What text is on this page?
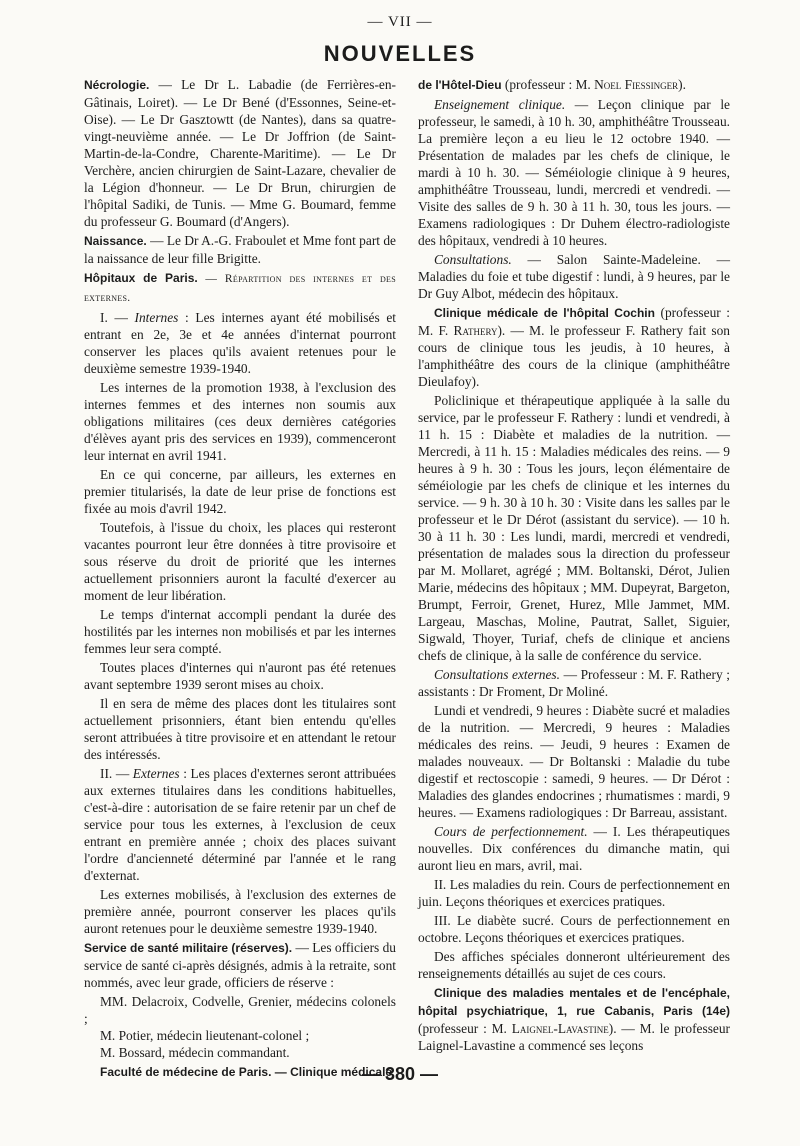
— VII —
NOUVELLES

Nécrologie. — Le Dr L. Labadie (de Ferrières-en-Gâtinais, Loiret). — Le Dr Bené (d'Essonnes, Seine-et-Oise). — Le Dr Gasztowtt (de Nantes), dans sa quatre-vingt-neuvième année. — Le Dr Joffrion (de Saint-Martin-de-la-Condre, Charente-Maritime). — Le Dr Verchère, ancien chirurgien de Saint-Lazare, chevalier de la Légion d'honneur. — Le Dr Brun, chirurgien de l'hôpital Sadiki, de Tunis. — Mme G. Boumard, femme du professeur G. Boumard (d'Angers).

Naissance. — Le Dr A.-G. Fraboulet et Mme font part de la naissance de leur fille Brigitte.

Hôpitaux de Paris. — Répartition des internes et des externes.

I. — Internes : Les internes ayant été mobilisés et entrant en 2e, 3e et 4e années d'internat pourront conserver les places qu'ils avaient retenues pour le deuxième semestre 1939-1940.

Les internes de la promotion 1938, à l'exclusion des internes femmes et des internes non soumis aux obligations militaires (ces deux dernières catégories d'élèves ayant pris des services en 1939), commenceront leur internat en avril 1941.

En ce qui concerne, par ailleurs, les externes en premier titularisés, la date de leur prise de fonctions est fixée au mois d'avril 1942.

Toutefois, à l'issue du choix, les places qui resteront vacantes pourront leur être données à titre provisoire et sous réserve du droit de priorité que les internes actuellement prisonniers auront la faculté d'exercer au moment de leur libération.

Le temps d'internat accompli pendant la durée des hostilités par les internes non mobilisés et par les internes femmes leur sera compté.

Toutes places d'internes qui n'auront pas été retenues avant septembre 1939 seront mises au choix.

Il en sera de même des places dont les titulaires sont actuellement prisonniers, étant bien entendu qu'elles seront attribuées à titre provisoire et en attendant le retour des intéressés.

II. — Externes : Les places d'externes seront attribuées aux externes titulaires dans les conditions habituelles, c'est-à-dire : autorisation de se faire retenir par un chef de service pour tous les externes, à l'exclusion de ceux entrant en première année ; choix des places suivant l'ordre d'ancienneté déterminé par l'année et le rang d'externat.

Les externes mobilisés, à l'exclusion des externes de première année, pourront conserver les places qu'ils auront retenues pour le deuxième semestre 1939-1940.

Service de santé militaire (réserves). — Les officiers du service de santé ci-après désignés, admis à la retraite, sont nommés, avec leur grade, officiers de réserve :

MM. Delacroix, Codvelle, Grenier, médecins colonels ;
M. Potier, médecin lieutenant-colonel ;
M. Bossard, médecin commandant.

Faculté de médecine de Paris. — Clinique médicale

de l'Hôtel-Dieu (professeur : M. Noel Fiessinger).

Enseignement clinique. — Leçon clinique par le professeur, le samedi, à 10 h. 30, amphithéâtre Trousseau. La première leçon a eu lieu le 12 octobre 1940. — Présentation de malades par les chefs de clinique, le mardi à 10 h. 30. — Séméiologie clinique à 9 heures, amphithéâtre Trousseau, lundi, mercredi et vendredi. — Visite des salles de 9 h. 30 à 11 h. 30, tous les jours. — Examens radiologiques : Dr Duhem électro-radiologiste des hôpitaux, vendredi à 10 heures.

Consultations. — Salon Sainte-Madeleine. — Maladies du foie et tube digestif : lundi, à 9 heures, par le Dr Guy Albot, médecin des hôpitaux.

Clinique médicale de l'hôpital Cochin (professeur : M. F. Rathery). — M. le professeur F. Rathery fait son cours de clinique tous les jeudis, à 10 heures, à l'amphithéâtre des cours de la clinique (amphithéâtre Dieulafoy).

Policlinique et thérapeutique appliquée à la salle du service, par le professeur F. Rathery : lundi et vendredi, à 11 h. 15 : Diabète et maladies de la nutrition. — Mercredi, à 11 h. 15 : Maladies médicales des reins. — 9 heures à 9 h. 30 : Tous les jours, leçon élémentaire de séméiologie par les chefs de clinique et les internes du service. — 9 h. 30 à 10 h. 30 : Visite dans les salles par le professeur et le Dr Dérot (assistant du service). — 10 h. 30 à 11 h. 30 : Les lundi, mardi, mercredi et vendredi, présentation de malades sous la direction du professeur par M. Mollaret, agrégé ; MM. Boltanski, Dérot, Julien Marie, médecins des hôpitaux ; MM. Dupeyrat, Bargeton, Brumpt, Ferroir, Grenet, Hurez, Mlle Jammet, MM. Largeau, Maschas, Moline, Pautrat, Sallet, Siguier, Sigwald, Thoyer, Turiaf, chefs de clinique et anciens chefs de clinique, à la salle de conférence du service.

Consultations externes. — Professeur : M. F. Rathery ; assistants : Dr Froment, Dr Moliné.

Lundi et vendredi, 9 heures : Diabète sucré et maladies de la nutrition. — Mercredi, 9 heures : Maladies médicales des reins. — Jeudi, 9 heures : Examen de malades nouveaux. — Dr Boltanski : Maladie du tube digestif et rectoscopie : samedi, 9 heures. — Dr Dérot : Maladies des glandes endocrines ; rhumatismes : mardi, 9 heures. — Examens radiologiques : Dr Barreau, assistant.

Cours de perfectionnement. — I. Les thérapeutiques nouvelles. Dix conférences du dimanche matin, qui auront lieu en mars, avril, mai.

II. Les maladies du rein. Cours de perfectionnement en juin. Leçons théoriques et exercices pratiques.

III. Le diabète sucré. Cours de perfectionnement en octobre. Leçons théoriques et exercices pratiques.

Des affiches spéciales donneront ultérieurement des renseignements détaillés au sujet de ces cours.

Clinique des maladies mentales et de l'encéphale, hôpital psychiatrique, 1, rue Cabanis, Paris (14e) (professeur : M. Laignel-Lavastine). — M. le professeur Laignel-Lavastine a commencé ses leçons

— 380 —
